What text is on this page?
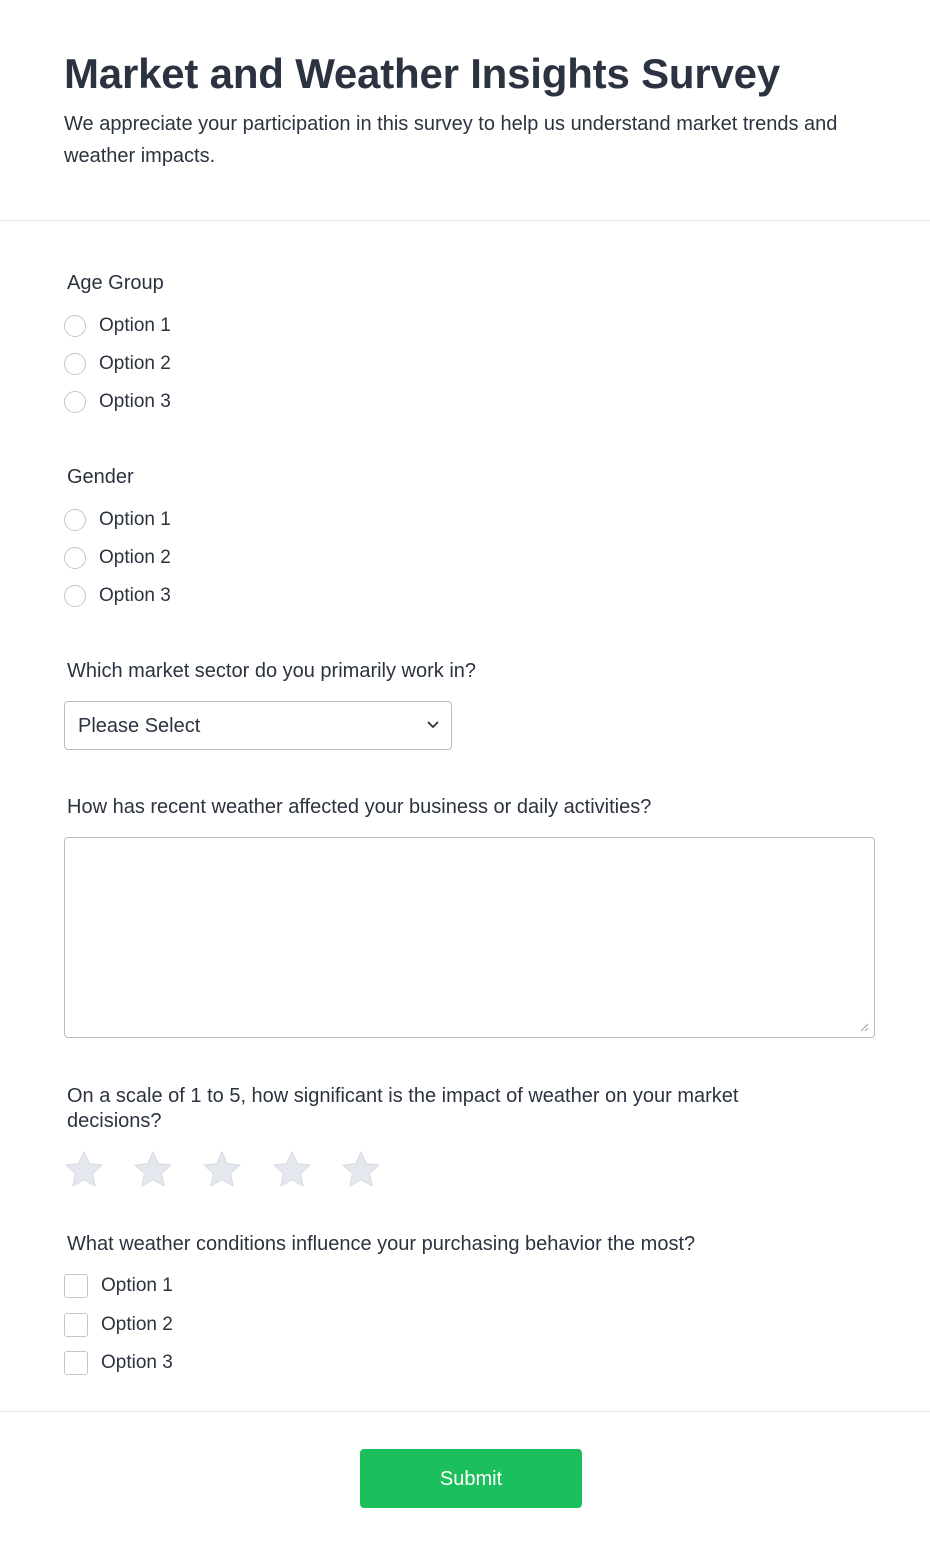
Market and Weather Insights Survey

We appreciate your participation in this survey to help us understand market trends and weather impacts.

Age Group

Option 1
Option 2
Option 3

Gender

Option 1
Option 2
Option 3

Which market sector do you primarily work in?

Please Select

How has recent weather affected your business or daily activities?

On a scale of 1 to 5, how significant is the impact of weather on your market decisions?

What weather conditions influence your purchasing behavior the most?

Option 1
Option 2
Option 3
Submit
